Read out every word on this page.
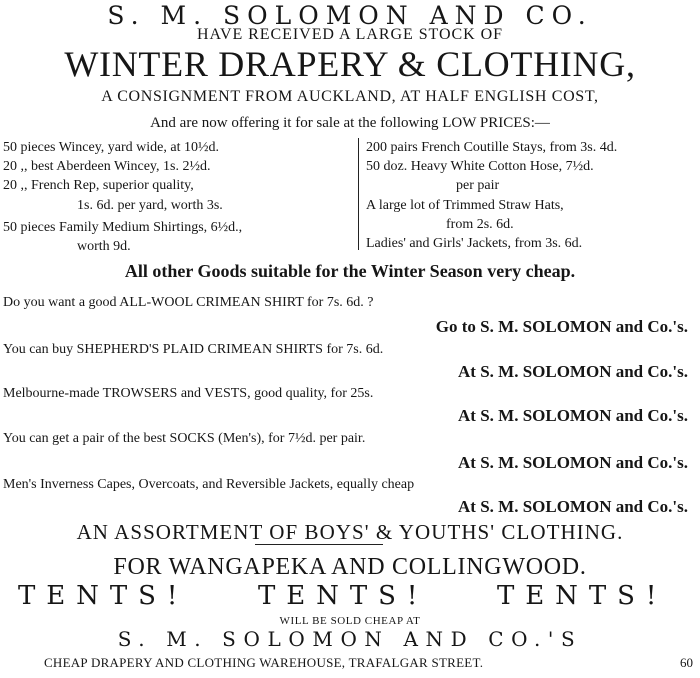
S. M. SOLOMON AND CO.
HAVE RECEIVED A LARGE STOCK OF
WINTER DRAPERY & CLOTHING,
A CONSIGNMENT FROM AUCKLAND, AT HALF ENGLISH COST,
And are now offering it for sale at the following LOW PRICES:—
50 pieces Wincey, yard wide, at 10½d.
20 ,, best Aberdeen Wincey, 1s. 2½d.
20 ,, French Rep, superior quality,
1s. 6d. per yard, worth 3s.
50 pieces Family Medium Shirtings, 6½d.,
worth 9d.
200 pairs French Coutille Stays, from 3s. 4d.
50 doz. Heavy White Cotton Hose, 7½d.
per pair
A large lot of Trimmed Straw Hats,
from 2s. 6d.
Ladies' and Girls' Jackets, from 3s. 6d.
All other Goods suitable for the Winter Season very cheap.
Do you want a good ALL-WOOL CRIMEAN SHIRT for 7s. 6d. ?
Go to S. M. SOLOMON and Co.'s.
You can buy SHEPHERD'S PLAID CRIMEAN SHIRTS for 7s. 6d.
At S. M. SOLOMON and Co.'s.
Melbourne-made TROWSERS and VESTS, good quality, for 25s.
At S. M. SOLOMON and Co.'s.
You can get a pair of the best SOCKS (Men's), for 7½d. per pair.
At S. M. SOLOMON and Co.'s.
Men's Inverness Capes, Overcoats, and Reversible Jackets, equally cheap
At S. M. SOLOMON and Co.'s.
AN ASSORTMENT OF BOYS' & YOUTHS' CLOTHING.
FOR WANGAPEKA AND COLLINGWOOD.
TENTS!	TENTS!	TENTS!
WILL BE SOLD CHEAP AT
S. M. SOLOMON AND CO.'S
CHEAP DRAPERY AND CLOTHING WAREHOUSE, TRAFALGAR STREET.	60
